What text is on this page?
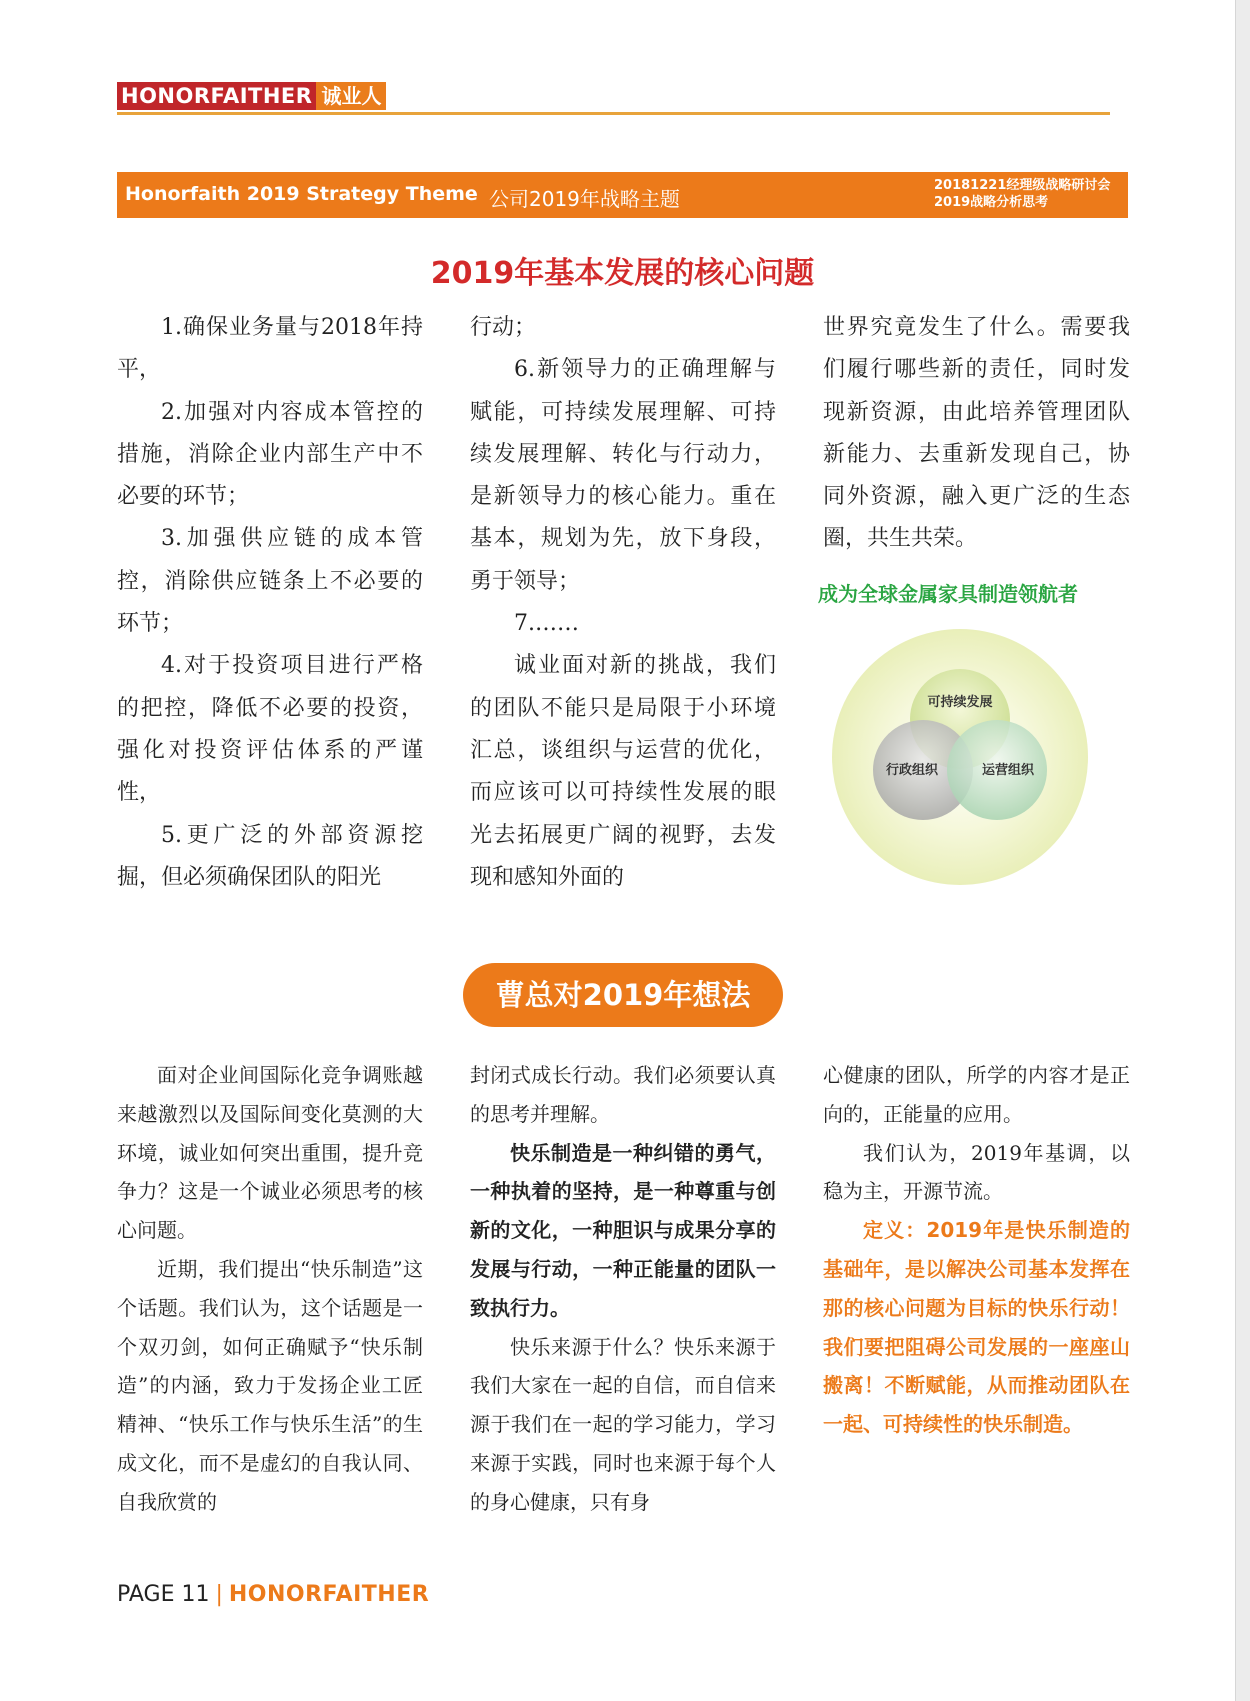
HONORFAITHER 诚业人
Honorfaith 2019 Strategy Theme 公司2019年战略主题
20181221经理级战略研讨会
2019战略分析思考
2019年基本发展的核心问题

1.确保业务量与2018年持平，

2.加强对内容成本管控的措施，消除企业内部生产中不必要的环节；

3.加强供应链的成本管控，消除供应链条上不必要的环节；

4.对于投资项目进行严格的把控，降低不必要的投资，强化对投资评估体系的严谨性，

5.更广泛的外部资源挖掘，但必须确保团队的阳光

行动；

6.新领导力的正确理解与赋能，可持续发展理解、可持续发展理解、转化与行动力，是新领导力的核心能力。重在基本，规划为先，放下身段，勇于领导；

7.……

诚业面对新的挑战，我们的团队不能只是局限于小环境汇总，谈组织与运营的优化，而应该可以可持续性发展的眼光去拓展更广阔的视野，去发现和感知外面的

世界究竟发生了什么。需要我们履行哪些新的责任，同时发现新资源，由此培养管理团队新能力、去重新发现自己，协同外资源，融入更广泛的生态圈，共生共荣。

成为全球金属家具制造领航者
可持续发展
行政组织	运营组织
曹总对2019年想法

面对企业间国际化竞争调账越来越激烈以及国际间变化莫测的大环境，诚业如何突出重围，提升竞争力？这是一个诚业必须思考的核心问题。

近期，我们提出“快乐制造”这个话题。我们认为，这个话题是一个双刃剑，如何正确赋予“快乐制造”的内涵，致力于发扬企业工匠精神、“快乐工作与快乐生活”的生成文化，而不是虚幻的自我认同、自我欣赏的

封闭式成长行动。我们必须要认真的思考并理解。

快乐制造是一种纠错的勇气，一种执着的坚持，是一种尊重与创新的文化，一种胆识与成果分享的发展与行动，一种正能量的团队一致执行力。

快乐来源于什么？快乐来源于我们大家在一起的自信，而自信来源于我们在一起的学习能力，学习来源于实践，同时也来源于每个人的身心健康，只有身

心健康的团队，所学的内容才是正向的，正能量的应用。

我们认为，2019年基调，以稳为主，开源节流。

定义：2019年是快乐制造的基础年，是以解决公司基本发挥在那的核心问题为目标的快乐行动！我们要把阻碍公司发展的一座座山搬离！不断赋能，从而推动团队在一起、可持续性的快乐制造。

PAGE 11 | HONORFAITHER
